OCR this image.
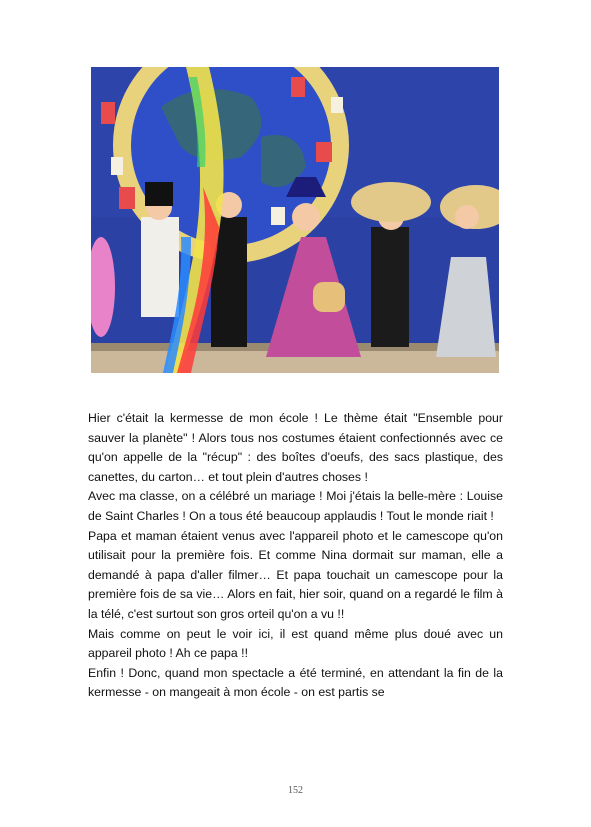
Hier c'était la kermesse de mon école ! Le thème était "Ensemble pour sauver la planète" ! Alors tous nos costumes étaient confectionnés avec ce qu'on appelle de la "récup" : des boîtes d'oeufs, des sacs plastique, des canettes, du carton… et tout plein d'autres choses !

Avec ma classe, on a célébré un mariage ! Moi j'étais la belle-mère : Louise de Saint Charles ! On a tous été beaucoup applaudis ! Tout le monde riait !

Papa et maman étaient venus avec l'appareil photo et le camescope qu'on utilisait pour la première fois. Et comme Nina dormait sur maman, elle a demandé à papa d'aller filmer… Et papa touchait un camescope pour la première fois de sa vie… Alors en fait, hier soir, quand on a regardé le film à la télé, c'est surtout son gros orteil qu'on a vu !!

Mais comme on peut le voir ici, il est quand même plus doué avec un appareil photo ! Ah ce papa !!

Enfin ! Donc, quand mon spectacle a été terminé, en attendant la fin de la kermesse - on mangeait à mon école - on est partis se

152
